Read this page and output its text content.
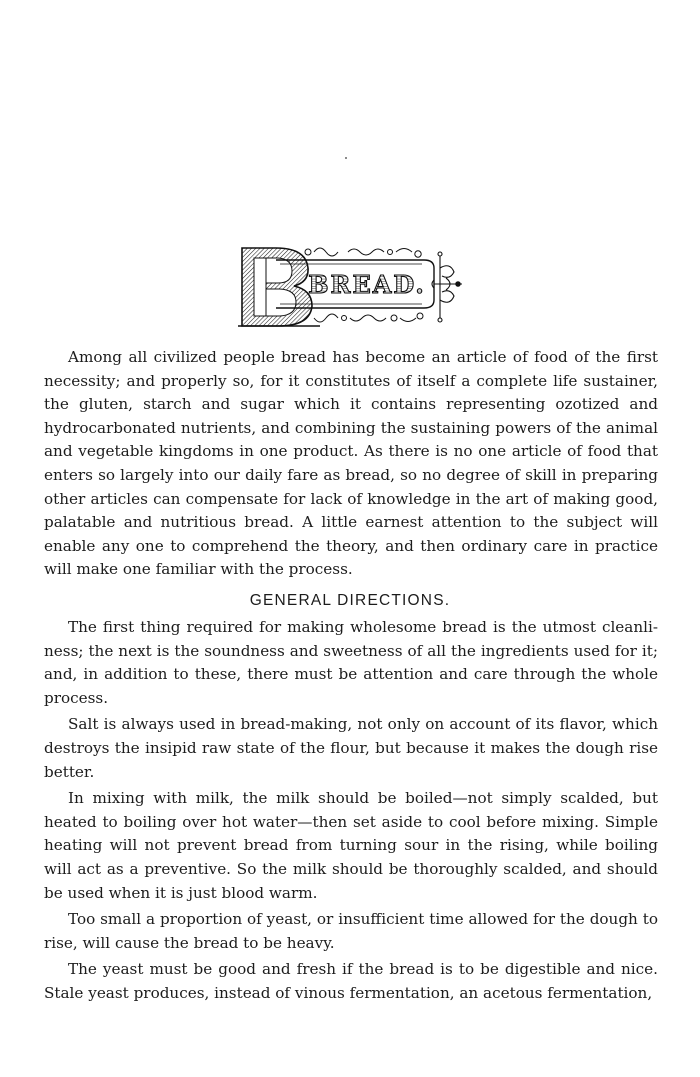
BREAD.

Among all civilized people bread has become an article of food of the first necessity; and properly so, for it constitutes of itself a complete life sustainer, the gluten, starch and sugar which it contains representing ozotized and hydrocarbonated nutrients, and combining the sustaining powers of the animal and vegetable kingdoms in one product. As there is no one article of food that enters so largely into our daily fare as bread, so no degree of skill in preparing other articles can compensate for lack of knowledge in the art of making good, palatable and nutritious bread. A little earnest attention to the subject will enable any one to comprehend the theory, and then ordinary care in practice will make one familiar with the process.

GENERAL DIRECTIONS.

The first thing required for making wholesome bread is the utmost cleanliness; the next is the soundness and sweetness of all the ingredients used for it; and, in addition to these, there must be attention and care through the whole process.

Salt is always used in bread-making, not only on account of its flavor, which destroys the insipid raw state of the flour, but because it makes the dough rise better.

In mixing with milk, the milk should be boiled—not simply scalded, but heated to boiling over hot water—then set aside to cool before mixing. Simple heating will not prevent bread from turning sour in the rising, while boiling will act as a preventive. So the milk should be thoroughly scalded, and should be used when it is just blood warm.

Too small a proportion of yeast, or insufficient time allowed for the dough to rise, will cause the bread to be heavy.

The yeast must be good and fresh if the bread is to be digestible and nice. Stale yeast produces, instead of vinous fermentation, an acetous fermentation,
